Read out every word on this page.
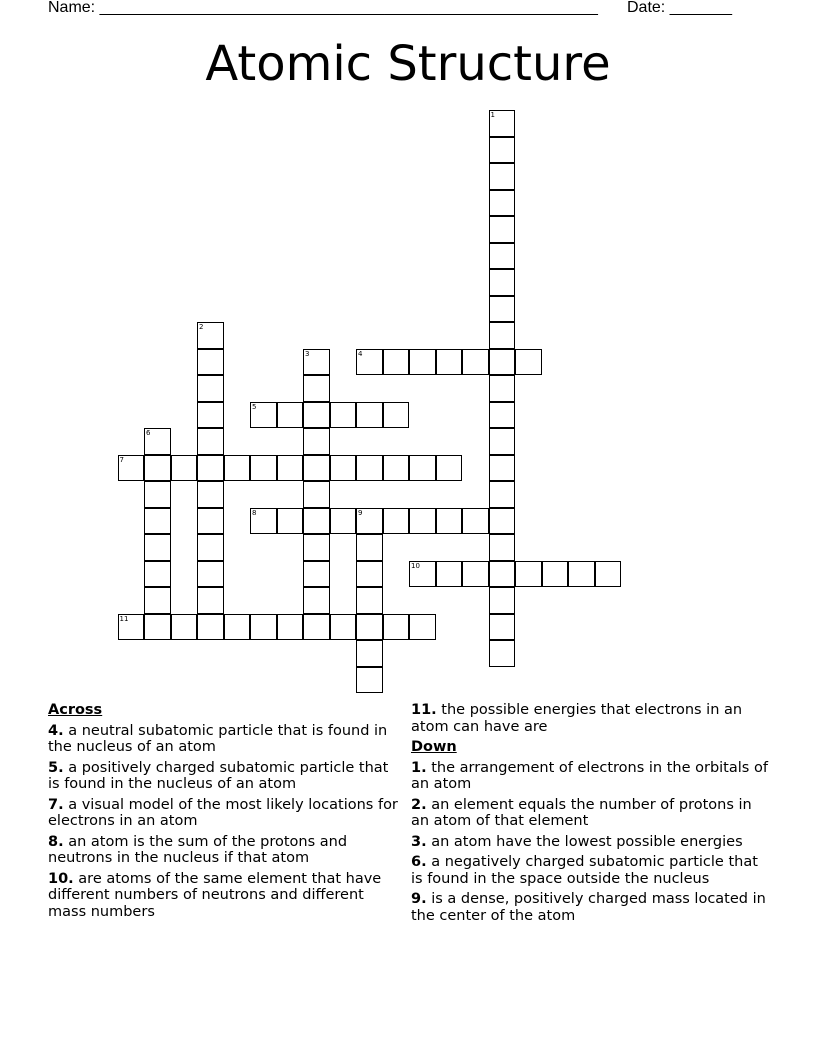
Name: ________________________________________________________ Date: _______
Atomic Structure
1
2
3	4
5
6
7
8	9
10
11
Across
4. a neutral subatomic particle that is found in the nucleus of an atom
5. a positively charged subatomic particle that is found in the nucleus of an atom
7. a visual model of the most likely locations for electrons in an atom
8. an atom is the sum of the protons and neutrons in the nucleus if that atom
10. are atoms of the same element that have different numbers of neutrons and different mass numbers
11. the possible energies that electrons in an atom can have are
Down
1. the arrangement of electrons in the orbitals of an atom
2. an element equals the number of protons in an atom of that element
3. an atom have the lowest possible energies
6. a negatively charged subatomic particle that is found in the space outside the nucleus
9. is a dense, positively charged mass located in the center of the atom
